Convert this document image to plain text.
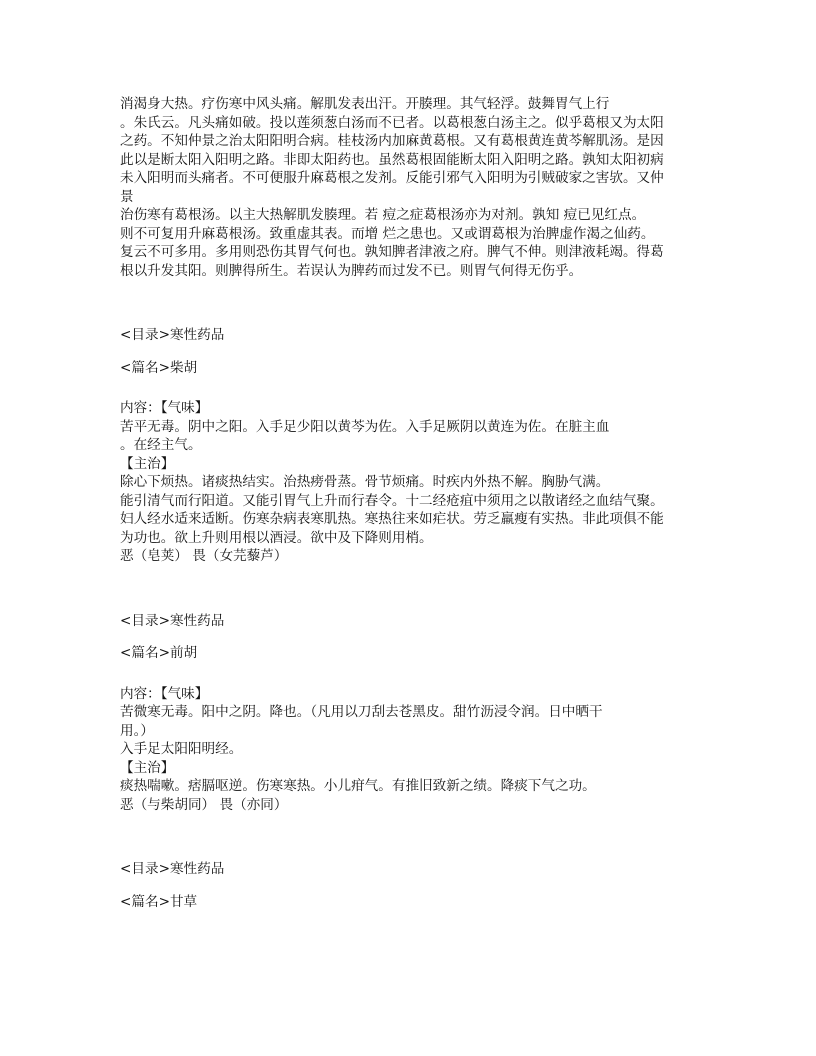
消渴身大热。疗伤寒中风头痛。解肌发表出汗。开腠理。其气轻浮。鼓舞胃气上行

。朱氏云。凡头痛如破。投以莲须葱白汤而不已者。以葛根葱白汤主之。似乎葛根又为太阳

之药。不知仲景之治太阳阳明合病。桂枝汤内加麻黄葛根。又有葛根黄连黄芩解肌汤。是因

此以是断太阳入阳明之路。非即太阳药也。虽然葛根固能断太阳入阳明之路。孰知太阳初病

未入阳明而头痛者。不可便服升麻葛根之发剂。反能引邪气入阳明为引贼破家之害欤。又仲

景

治伤寒有葛根汤。以主大热解肌发腠理。若 痘之症葛根汤亦为对剂。孰知 痘已见红点。

则不可复用升麻葛根汤。致重虚其表。而增 烂之患也。又或谓葛根为治脾虚作渴之仙药。

复云不可多用。多用则恐伤其胃气何也。孰知脾者津液之府。脾气不伸。则津液耗竭。得葛

根以升发其阳。则脾得所生。若误认为脾药而过发不已。则胃气何得无伤乎。

<目录>寒性药品

<篇名>柴胡

内容：【气味】

苦平无毒。阴中之阳。入手足少阳以黄芩为佐。入手足厥阴以黄连为佐。在脏主血

。在经主气。

【主治】

除心下烦热。诸痰热结实。治热痨骨蒸。骨节烦痛。时疾内外热不解。胸胁气满。

能引清气而行阳道。又能引胃气上升而行春令。十二经疮疽中须用之以散诸经之血结气聚。

妇人经水适来适断。伤寒杂病表寒肌热。寒热往来如疟状。劳乏羸瘦有实热。非此项俱不能

为功也。欲上升则用根以酒浸。欲中及下降则用梢。

恶（皂荚） 畏（女芫藜芦）

<目录>寒性药品

<篇名>前胡

内容：【气味】

苦微寒无毒。阳中之阴。降也。（凡用以刀刮去苍黑皮。甜竹沥浸令润。日中晒干

用。）

入手足太阳阳明经。

【主治】

痰热喘嗽。痞膈呕逆。伤寒寒热。小儿疳气。有推旧致新之绩。降痰下气之功。

恶（与柴胡同） 畏（亦同）

<目录>寒性药品

<篇名>甘草
